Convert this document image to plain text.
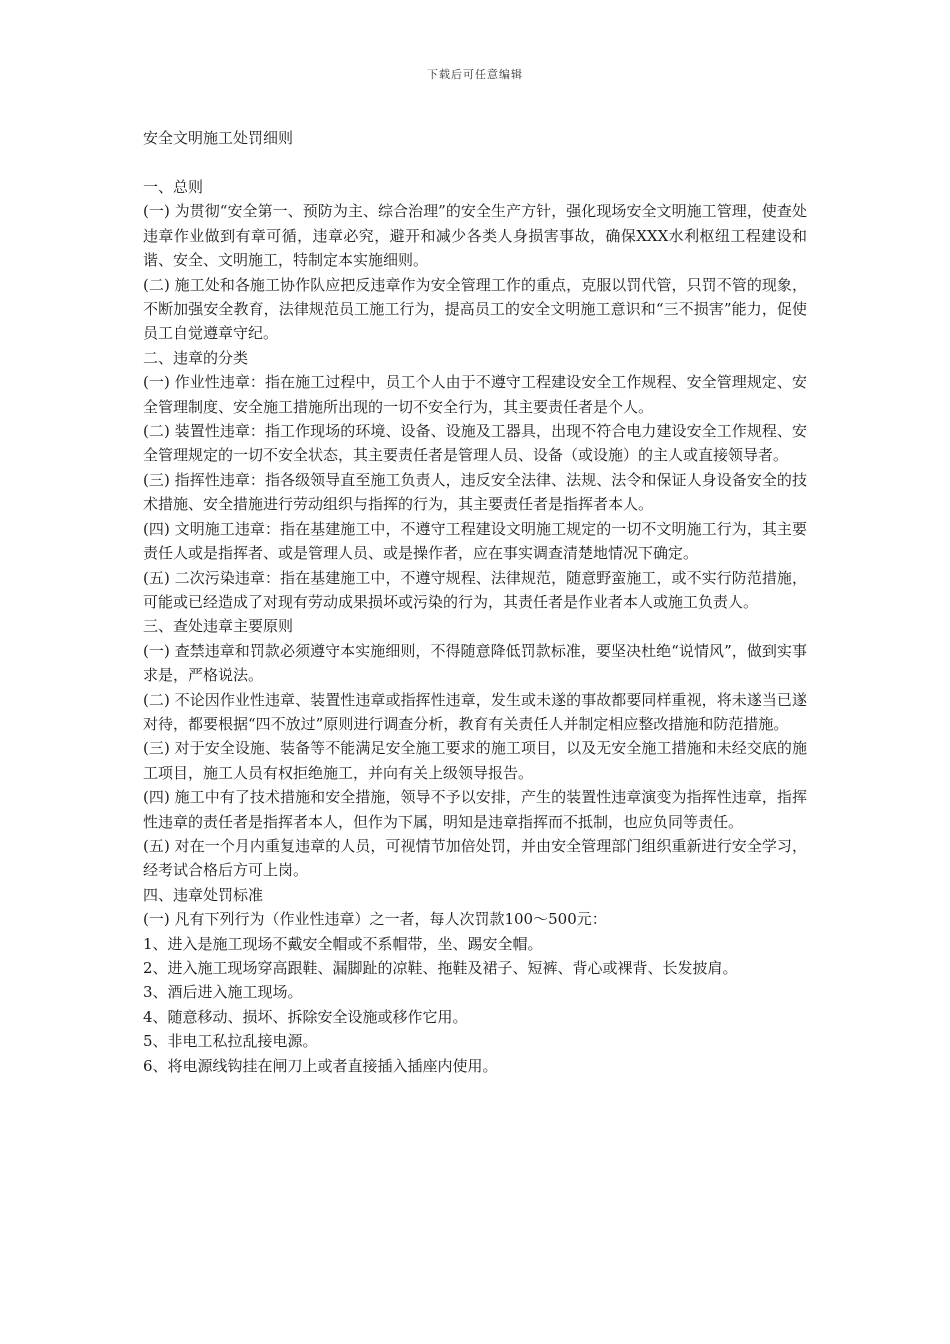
下载后可任意编辑
安全文明施工处罚细则

一、总则

(一) 为贯彻“安全第一、预防为主、综合治理”的安全生产方针，强化现场安全文明施工管理，使查处违章作业做到有章可循，违章必究，避开和减少各类人身损害事故，确保XXX水利枢纽工程建设和谐、安全、文明施工，特制定本实施细则。

(二) 施工处和各施工协作队应把反违章作为安全管理工作的重点，克服以罚代管，只罚不管的现象，不断加强安全教育，法律规范员工施工行为，提高员工的安全文明施工意识和“三不损害”能力，促使员工自觉遵章守纪。

二、违章的分类

(一) 作业性违章：指在施工过程中，员工个人由于不遵守工程建设安全工作规程、安全管理规定、安全管理制度、安全施工措施所出现的一切不安全行为，其主要责任者是个人。

(二) 装置性违章：指工作现场的环境、设备、设施及工器具，出现不符合电力建设安全工作规程、安全管理规定的一切不安全状态，其主要责任者是管理人员、设备（或设施）的主人或直接领导者。

(三) 指挥性违章：指各级领导直至施工负责人，违反安全法律、法规、法令和保证人身设备安全的技术措施、安全措施进行劳动组织与指挥的行为，其主要责任者是指挥者本人。

(四) 文明施工违章：指在基建施工中，不遵守工程建设文明施工规定的一切不文明施工行为，其主要责任人或是指挥者、或是管理人员、或是操作者，应在事实调查清楚地情况下确定。

(五) 二次污染违章：指在基建施工中，不遵守规程、法律规范，随意野蛮施工，或不实行防范措施，可能或已经造成了对现有劳动成果损坏或污染的行为，其责任者是作业者本人或施工负责人。

三、查处违章主要原则

(一) 查禁违章和罚款必须遵守本实施细则，不得随意降低罚款标准，要坚决杜绝“说情风”，做到实事求是，严格说法。

(二) 不论因作业性违章、装置性违章或指挥性违章，发生或未遂的事故都要同样重视，将未遂当已遂对待，都要根据“四不放过”原则进行调查分析，教育有关责任人并制定相应整改措施和防范措施。

(三) 对于安全设施、装备等不能满足安全施工要求的施工项目，以及无安全施工措施和未经交底的施工项目，施工人员有权拒绝施工，并向有关上级领导报告。

(四) 施工中有了技术措施和安全措施，领导不予以安排，产生的装置性违章演变为指挥性违章，指挥性违章的责任者是指挥者本人，但作为下属，明知是违章指挥而不抵制，也应负同等责任。

(五) 对在一个月内重复违章的人员，可视情节加倍处罚，并由安全管理部门组织重新进行安全学习，经考试合格后方可上岗。

四、违章处罚标准

(一) 凡有下列行为（作业性违章）之一者，每人次罚款100～500元：

1、进入是施工现场不戴安全帽或不系帽带，坐、踢安全帽。

2、进入施工现场穿高跟鞋、漏脚趾的凉鞋、拖鞋及裙子、短裤、背心或裸背、长发披肩。

3、酒后进入施工现场。

4、随意移动、损坏、拆除安全设施或移作它用。

5、非电工私拉乱接电源。

6、将电源线钩挂在闸刀上或者直接插入插座内使用。
